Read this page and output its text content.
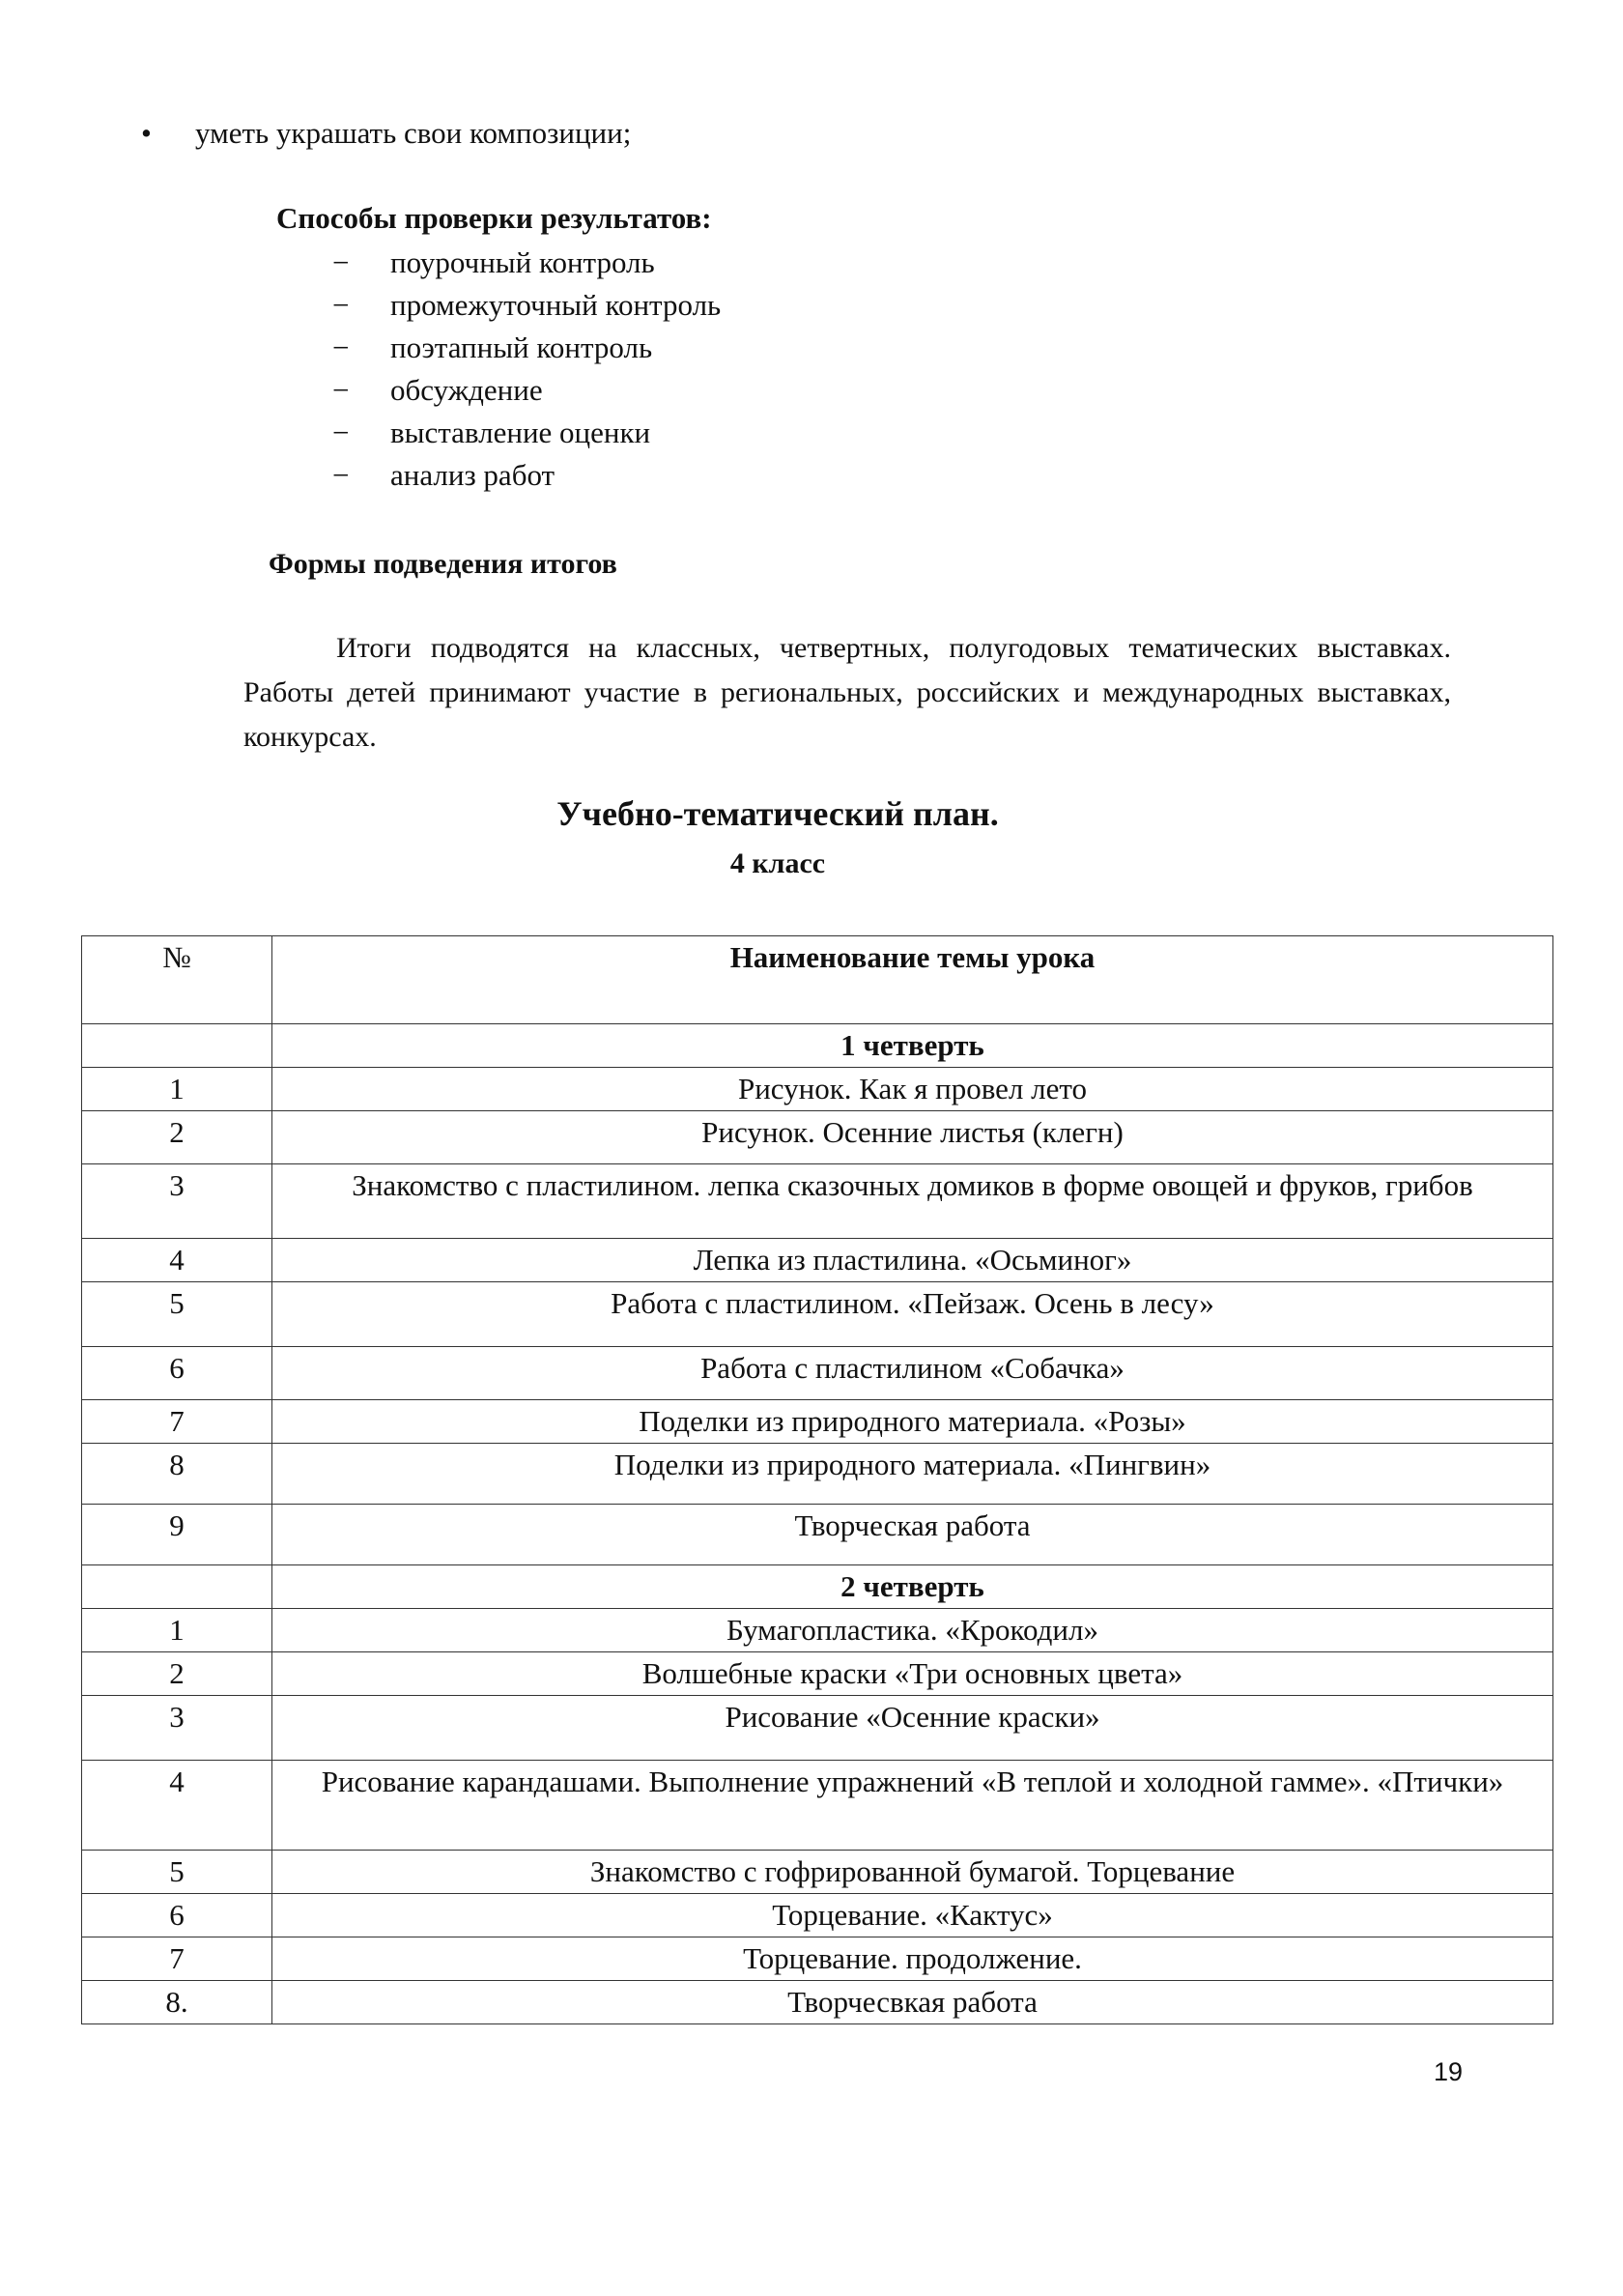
•	уметь украшать свои композиции;
Способы проверки результатов:
− поурочный контроль
− промежуточный контроль
− поэтапный контроль
− обсуждение
− выставление оценки
− анализ работ
Формы подведения итогов

Итоги подводятся на классных, четвертных, полугодовых тематических выставках. Работы детей принимают участие в региональных, российских и международных выставках, конкурсах.

Учебно-тематический план.
4 класс
№	Наименование темы урока
	1 четверть
1	Рисунок. Как я провел лето
2	Рисунок. Осенние листья (клегн)
3	Знакомство с пластилином. лепка сказочных домиков в форме овощей и фруков, грибов
4	Лепка из пластилина. «Осьминог»
5	Работа с пластилином. «Пейзаж. Осень в лесу»
6	Работа с пластилином «Собачка»
7	Поделки из природного материала. «Розы»
8	Поделки из природного материала. «Пингвин»
9	Творческая работа
	2 четверть
1	Бумагопластика. «Крокодил»
2	Волшебные краски «Три основных цвета»
3	Рисование «Осенние краски»
4	Рисование карандашами. Выполнение упражнений «В теплой и холодной гамме». «Птички»
5	Знакомство с гофрированной бумагой. Торцевание
6	Торцевание. «Кактус»
7	Торцевание. продолжение.
8.	Творчесвкая работа
19
